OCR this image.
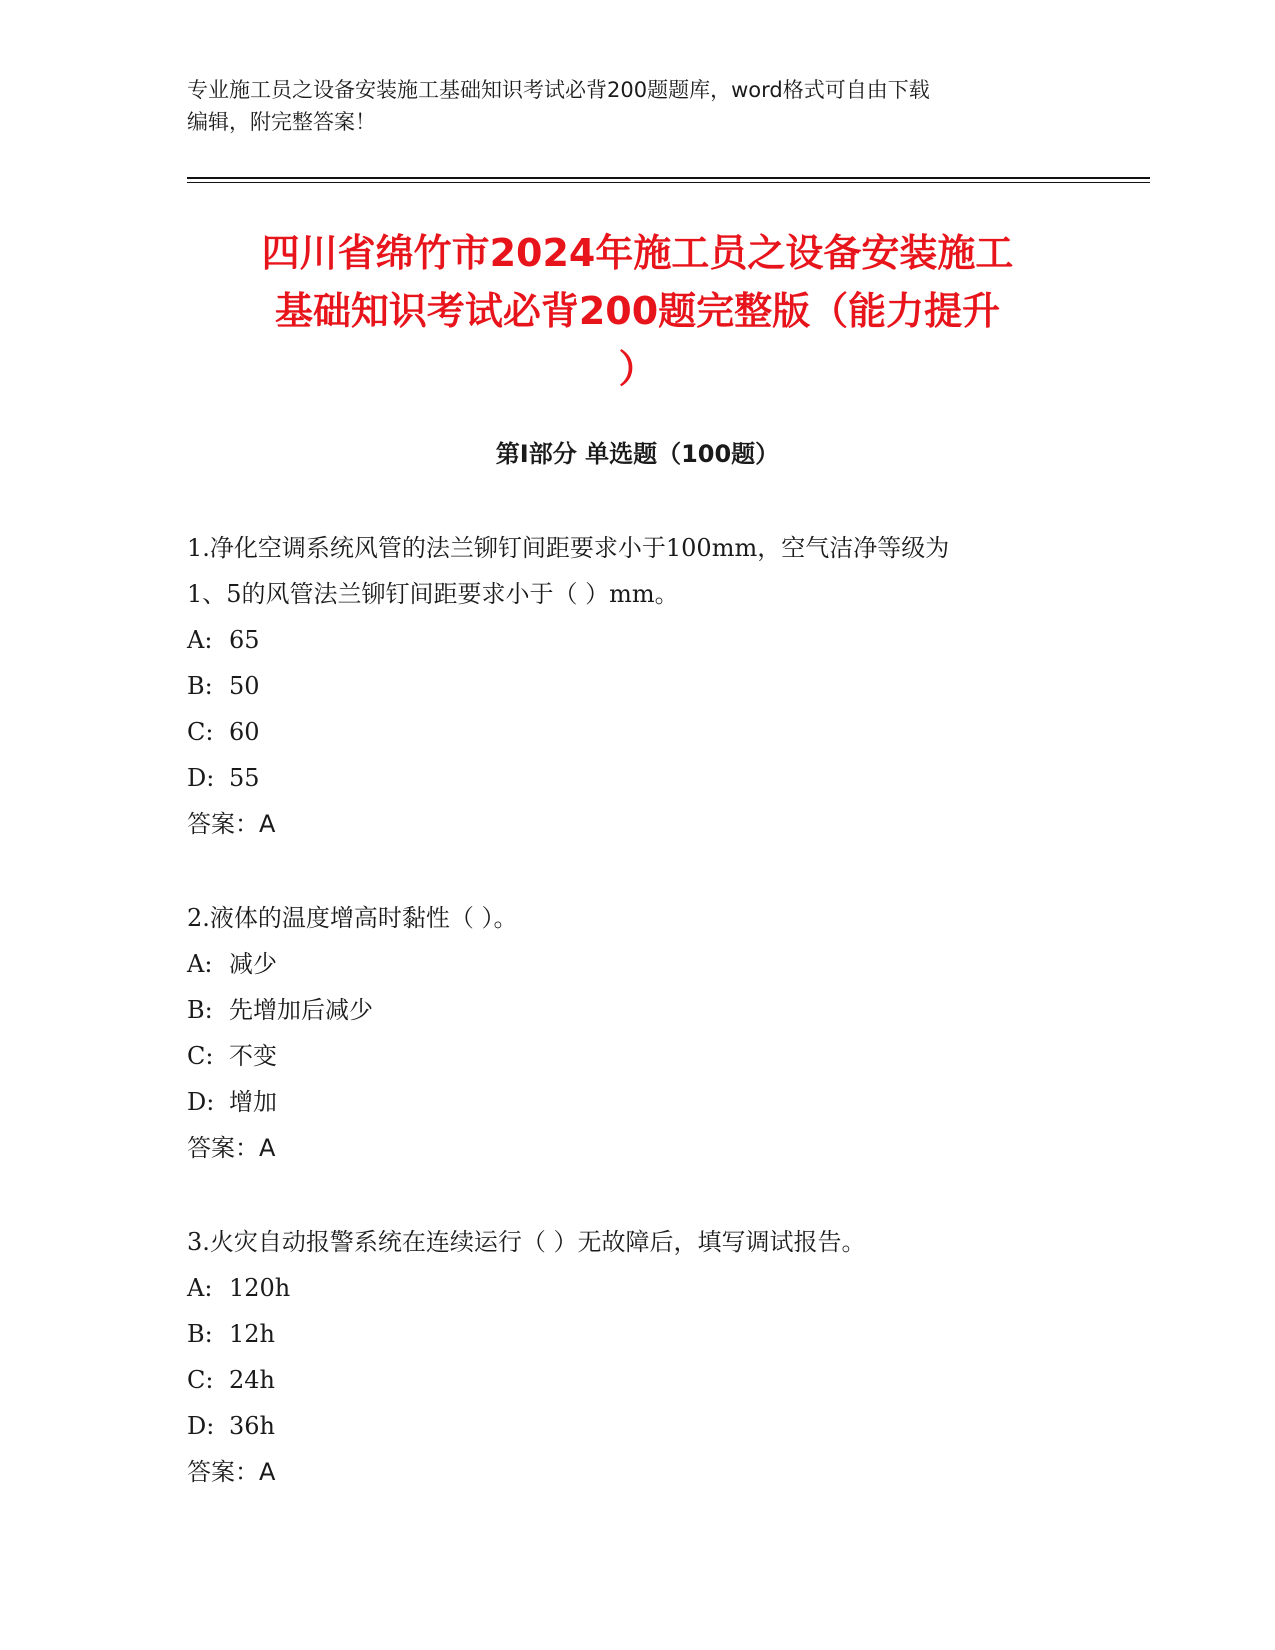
专业施工员之设备安装施工基础知识考试必背200题题库，word格式可自由下载
编辑，附完整答案！
四川省绵竹市2024年施工员之设备安装施工
基础知识考试必背200题完整版（能力提升
）
第Ⅰ部分 单选题（100题）

1.净化空调系统风管的法兰铆钉间距要求小于100mm，空气洁净等级为

1、5的风管法兰铆钉间距要求小于（ ）mm。

A: 65

B: 50

C: 60

D: 55

答案：A

2.液体的温度增高时黏性（ ）。

A: 减少

B: 先增加后减少

C: 不变

D: 增加

答案：A

3.火灾自动报警系统在连续运行（ ）无故障后，填写调试报告。

A: 120h

B: 12h

C: 24h

D: 36h

答案：A
